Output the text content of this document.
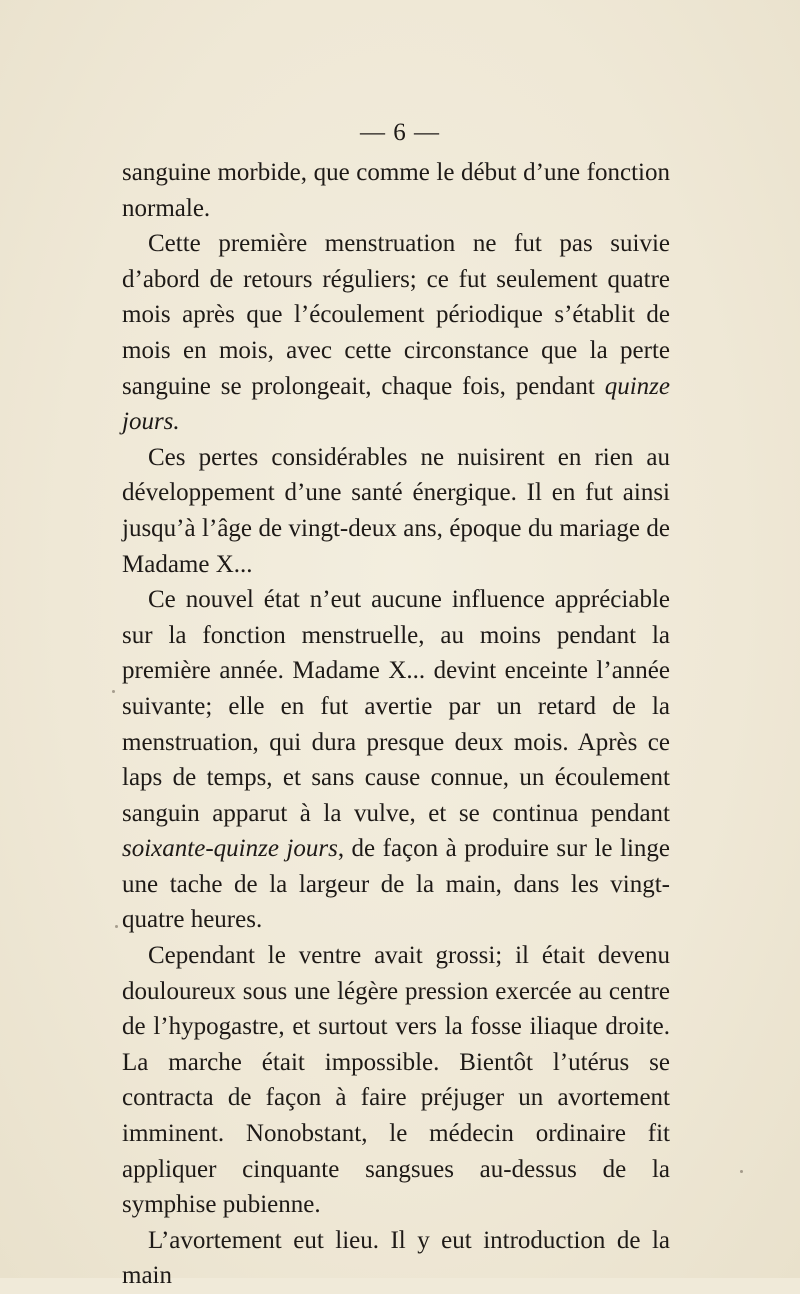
— 6 —

sanguine morbide, que comme le début d’une fonction normale.

Cette première menstruation ne fut pas suivie d’abord de retours réguliers; ce fut seulement quatre mois après que l’écoulement périodique s’établit de mois en mois, avec cette circonstance que la perte sanguine se prolongeait, chaque fois, pendant quinze jours.

Ces pertes considérables ne nuisirent en rien au développement d’une santé énergique. Il en fut ainsi jusqu’à l’âge de vingt-deux ans, époque du mariage de Madame X...

Ce nouvel état n’eut aucune influence appréciable sur la fonction menstruelle, au moins pendant la première année. Madame X... devint enceinte l’année suivante; elle en fut avertie par un retard de la menstruation, qui dura presque deux mois. Après ce laps de temps, et sans cause connue, un écoulement sanguin apparut à la vulve, et se continua pendant soixante-quinze jours, de façon à produire sur le linge une tache de la largeur de la main, dans les vingt-quatre heures.

Cependant le ventre avait grossi; il était devenu douloureux sous une légère pression exercée au centre de l’hypogastre, et surtout vers la fosse iliaque droite. La marche était impossible. Bientôt l’utérus se contracta de façon à faire préjuger un avortement imminent. Nonobstant, le médecin ordinaire fit appliquer cinquante sangsues au-dessus de la symphise pubienne.

L’avortement eut lieu. Il y eut introduction de la main
